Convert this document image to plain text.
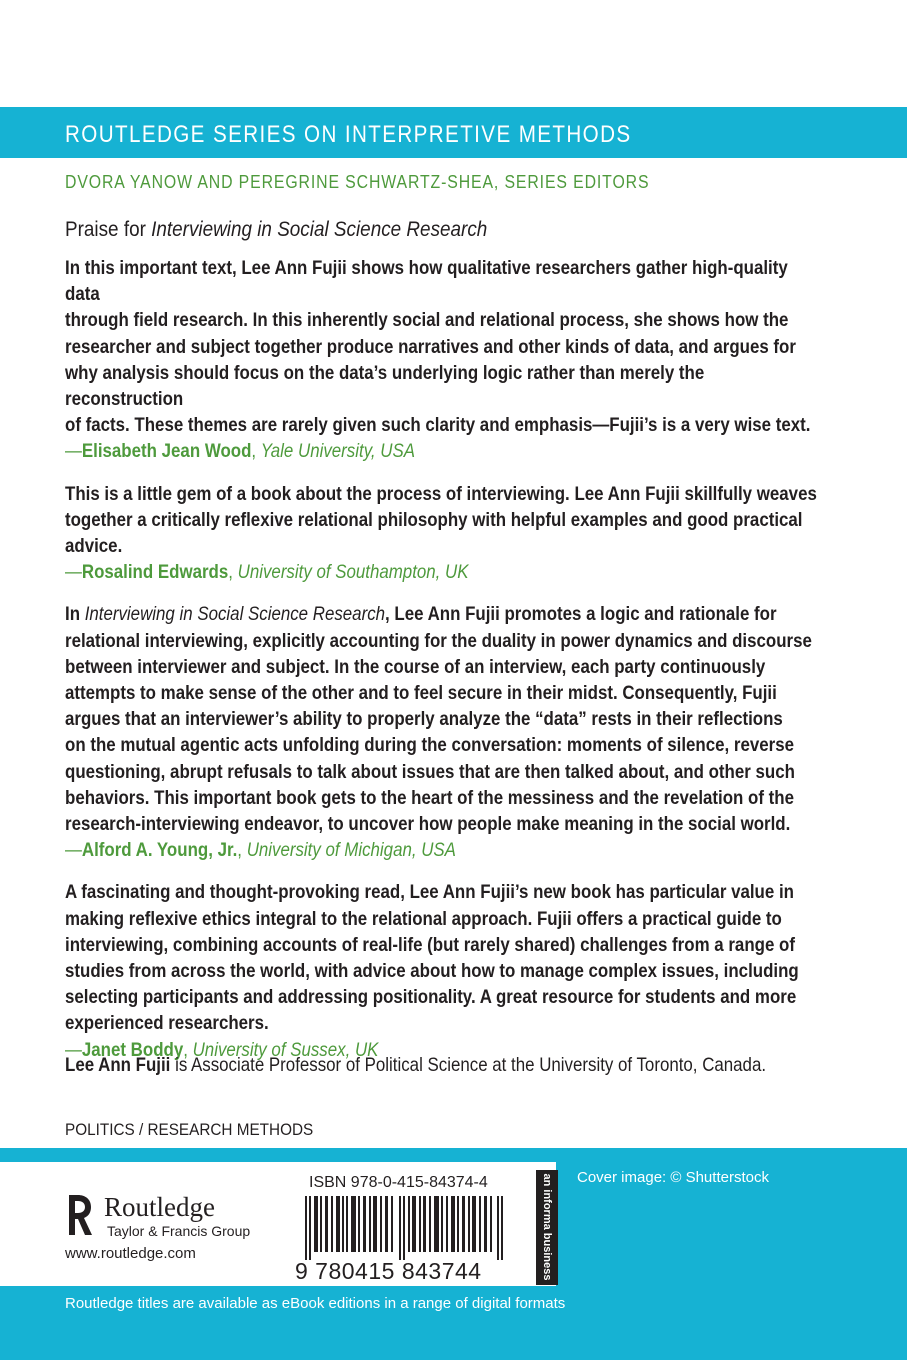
ROUTLEDGE SERIES ON INTERPRETIVE METHODS
DVORA YANOW AND PEREGRINE SCHWARTZ-SHEA, SERIES EDITORS
Praise for Interviewing in Social Science Research

In this important text, Lee Ann Fujii shows how qualitative researchers gather high-quality data
through field research. In this inherently social and relational process, she shows how the
researcher and subject together produce narratives and other kinds of data, and argues for
why analysis should focus on the data’s underlying logic rather than merely the reconstruction
of facts. These themes are rarely given such clarity and emphasis—Fujii’s is a very wise text.

—Elisabeth Jean Wood, Yale University, USA

This is a little gem of a book about the process of interviewing. Lee Ann Fujii skillfully weaves
together a critically reflexive relational philosophy with helpful examples and good practical
advice.

—Rosalind Edwards, University of Southampton, UK

In Interviewing in Social Science Research, Lee Ann Fujii promotes a logic and rationale for
relational interviewing, explicitly accounting for the duality in power dynamics and discourse
between interviewer and subject. In the course of an interview, each party continuously
attempts to make sense of the other and to feel secure in their midst. Consequently, Fujii
argues that an interviewer’s ability to properly analyze the “data” rests in their reflections
on the mutual agentic acts unfolding during the conversation: moments of silence, reverse
questioning, abrupt refusals to talk about issues that are then talked about, and other such
behaviors. This important book gets to the heart of the messiness and the revelation of the
research-interviewing endeavor, to uncover how people make meaning in the social world.

—Alford A. Young, Jr., University of Michigan, USA

A fascinating and thought-provoking read, Lee Ann Fujii’s new book has particular value in
making reflexive ethics integral to the relational approach. Fujii offers a practical guide to
interviewing, combining accounts of real-life (but rarely shared) challenges from a range of
studies from across the world, with advice about how to manage complex issues, including
selecting participants and addressing positionality. A great resource for students and more
experienced researchers.

—Janet Boddy, University of Sussex, UK
Lee Ann Fujii is Associate Professor of Political Science at the University of Toronto, Canada.
POLITICS / RESEARCH METHODS
Routledge
Taylor & Francis Group
www.routledge.com
ISBN 978-0-415-84374-4
9 780415 843744	an informa business Cover image: © Shutterstock
Routledge titles are available as eBook editions in a range of digital formats
